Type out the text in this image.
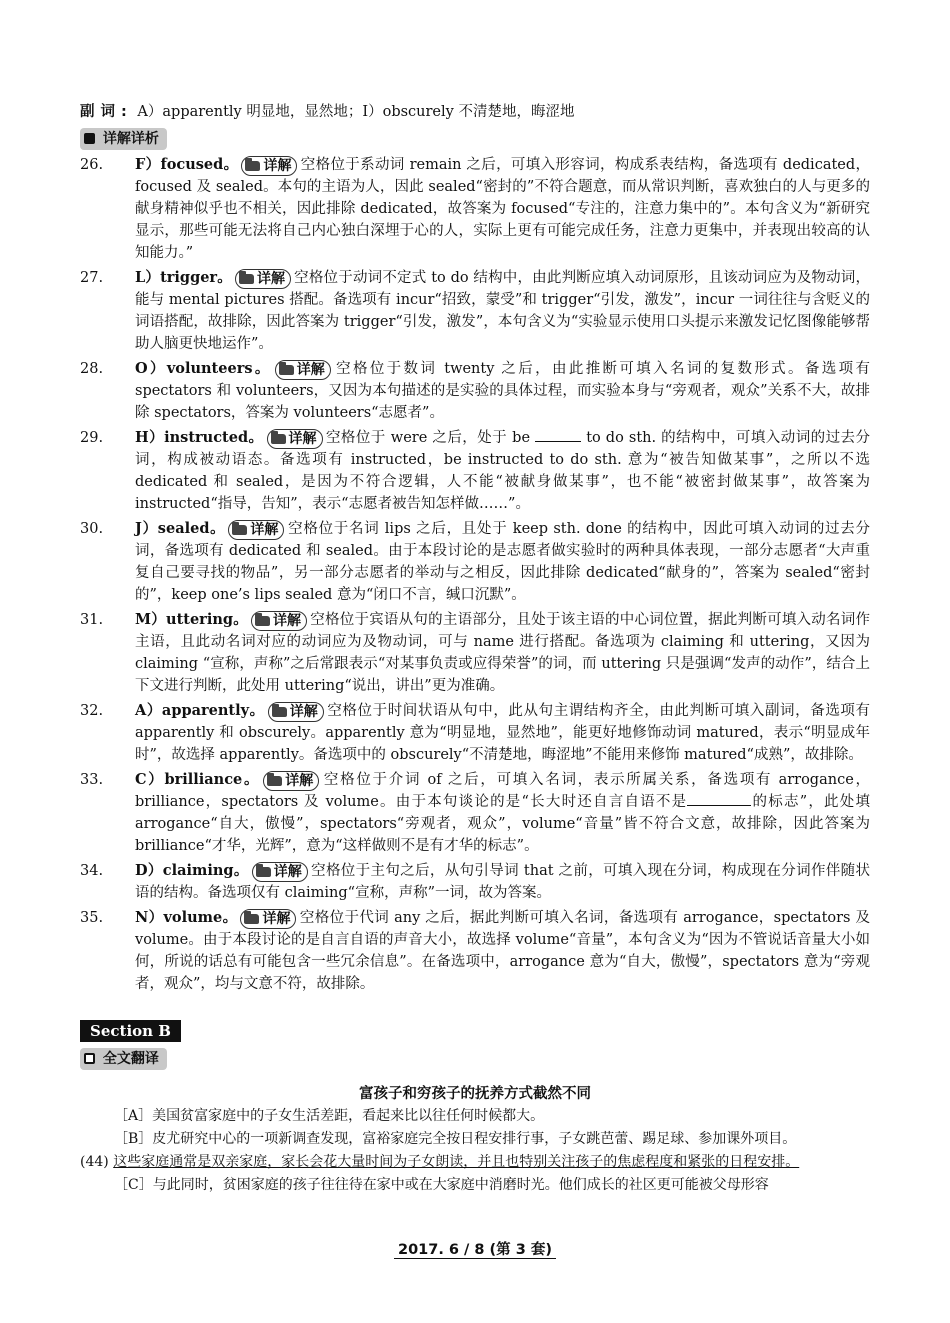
副词: A）apparently 明显地，显然地；I）obscurely 不清楚地，晦涩地

详解详析
26. F）focused。 详解 空格位于系动词 remain 之后，可填入形容词，构成系表结构，备选项有 dedicated，focused 及 sealed。本句的主语为人，因此 sealed“密封的”不符合题意，而从常识判断，喜欢独白的人与更多的献身精神似乎也不相关，因此排除 dedicated，故答案为 focused“专注的，注意力集中的”。本句含义为“新研究显示，那些可能无法将自己内心独白深埋于心的人，实际上更有可能完成任务，注意力更集中，并表现出较高的认知能力。”
27. L）trigger。 详解 空格位于动词不定式 to do 结构中，由此判断应填入动词原形，且该动词应为及物动词，能与 mental pictures 搭配。备选项有 incur“招致，蒙受”和 trigger“引发，激发”，incur 一词往往与含贬义的词语搭配，故排除，因此答案为 trigger“引发，激发”，本句含义为“实验显示使用口头提示来激发记忆图像能够帮助人脑更快地运作”。
28. O）volunteers。 详解 空格位于数词 twenty 之后，由此推断可填入名词的复数形式。备选项有 spectators 和 volunteers，又因为本句描述的是实验的具体过程，而实验本身与“旁观者，观众”关系不大，故排除 spectators，答案为 volunteers“志愿者”。
29. H）instructed。 详解 空格位于 were 之后，处于 be	to do sth. 的结构中，可填入动词的过去分词，构成被动语态。备选项有 instructed，be instructed to do sth. 意为“被告知做某事”，之所以不选 dedicated 和 sealed，是因为不符合逻辑，人不能“被献身做某事”，也不能“被密封做某事”，故答案为 instructed“指导，告知”，表示“志愿者被告知怎样做……”。
30. J）sealed。 详解 空格位于名词 lips 之后，且处于 keep sth. done 的结构中，因此可填入动词的过去分词，备选项有 dedicated 和 sealed。由于本段讨论的是志愿者做实验时的两种具体表现，一部分志愿者“大声重复自己要寻找的物品”，另一部分志愿者的举动与之相反，因此排除 dedicated“献身的”，答案为 sealed“密封的”，keep one’s lips sealed 意为“闭口不言，缄口沉默”。
31. M）uttering。 详解 空格位于宾语从句的主语部分，且处于该主语的中心词位置，据此判断可填入动名词作主语，且此动名词对应的动词应为及物动词，可与 name 进行搭配。备选项为 claiming 和 uttering，又因为 claiming “宣称，声称”之后常跟表示“对某事负责或应得荣誉”的词，而 uttering 只是强调“发声的动作”，结合上下文进行判断，此处用 uttering“说出，讲出”更为准确。
32. A）apparently。 详解 空格位于时间状语从句中，此从句主谓结构齐全，由此判断可填入副词，备选项有 apparently 和 obscurely。apparently 意为“明显地，显然地”，能更好地修饰动词 matured，表示“明显成年时”，故选择 apparently。备选项中的 obscurely“不清楚地，晦涩地”不能用来修饰 matured“成熟”，故排除。
33. C）brilliance。 详解 空格位于介词 of 之后，可填入名词，表示所属关系，备选项有 arrogance，brilliance，spectators 及 volume。由于本句谈论的是“长大时还自言自语不是	的标志”，此处填 arrogance“自大，傲慢”，spectators“旁观者，观众”，volume“音量”皆不符合文意，故排除，因此答案为 brilliance“才华，光辉”，意为“这样做则不是有才华的标志”。
34. D）claiming。 详解 空格位于主句之后，从句引导词 that 之前，可填入现在分词，构成现在分词作伴随状语的结构。备选项仅有 claiming“宣称，声称”一词，故为答案。
35. N）volume。 详解 空格位于代词 any 之后，据此判断可填入名词，备选项有 arrogance，spectators 及 volume。由于本段讨论的是自言自语的声音大小，故选择 volume“音量”，本句含义为“因为不管说话音量大小如何，所说的话总有可能包含一些冗余信息”。在备选项中，arrogance 意为“自大，傲慢”，spectators 意为“旁观者，观众”，均与文意不符，故排除。
Section B
全文翻译
富孩子和穷孩子的抚养方式截然不同

［A］美国贫富家庭中的子女生活差距，看起来比以往任何时候都大。

［B］皮尤研究中心的一项新调查发现，富裕家庭完全按日程安排行事，子女跳芭蕾、踢足球、参加课外项目。

(44) 这些家庭通常是双亲家庭，家长会花大量时间为子女朗读，并且也特别关注孩子的焦虑程度和紧张的日程安排。

［C］与此同时，贫困家庭的孩子往往待在家中或在大家庭中消磨时光。他们成长的社区更可能被父母形容

2017. 6 / 8 (第 3 套)
